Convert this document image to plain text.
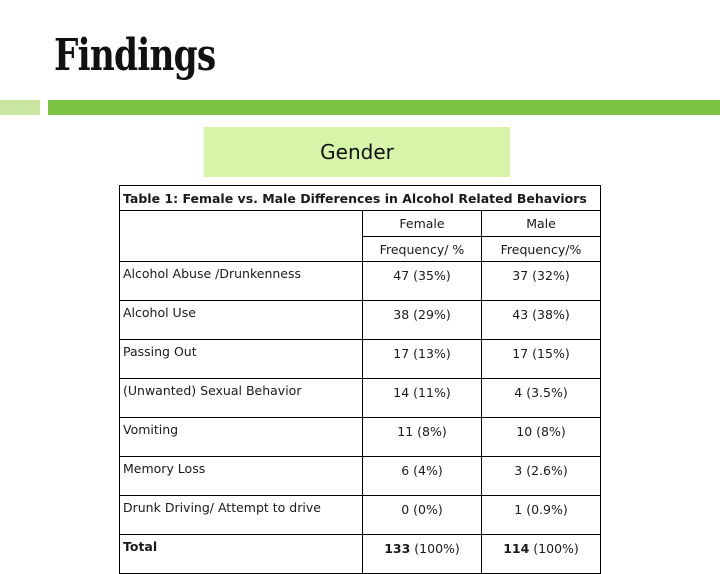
Findings
Gender
Table 1: Female vs. Male Differences in Alcohol Related Behaviors		
	Female	Male
	Frequency/ %	Frequency/%
Alcohol Abuse /Drunkenness	47 (35%)	37 (32%)
Alcohol Use	38 (29%)	43 (38%)
Passing Out	17 (13%)	17 (15%)
(Unwanted) Sexual Behavior	14 (11%)	4 (3.5%)
Vomiting	11 (8%)	10 (8%)
Memory Loss	6 (4%)	3 (2.6%)
Drunk Driving/ Attempt to drive	0 (0%)	1 (0.9%)
Total	133 (100%)	114 (100%)
